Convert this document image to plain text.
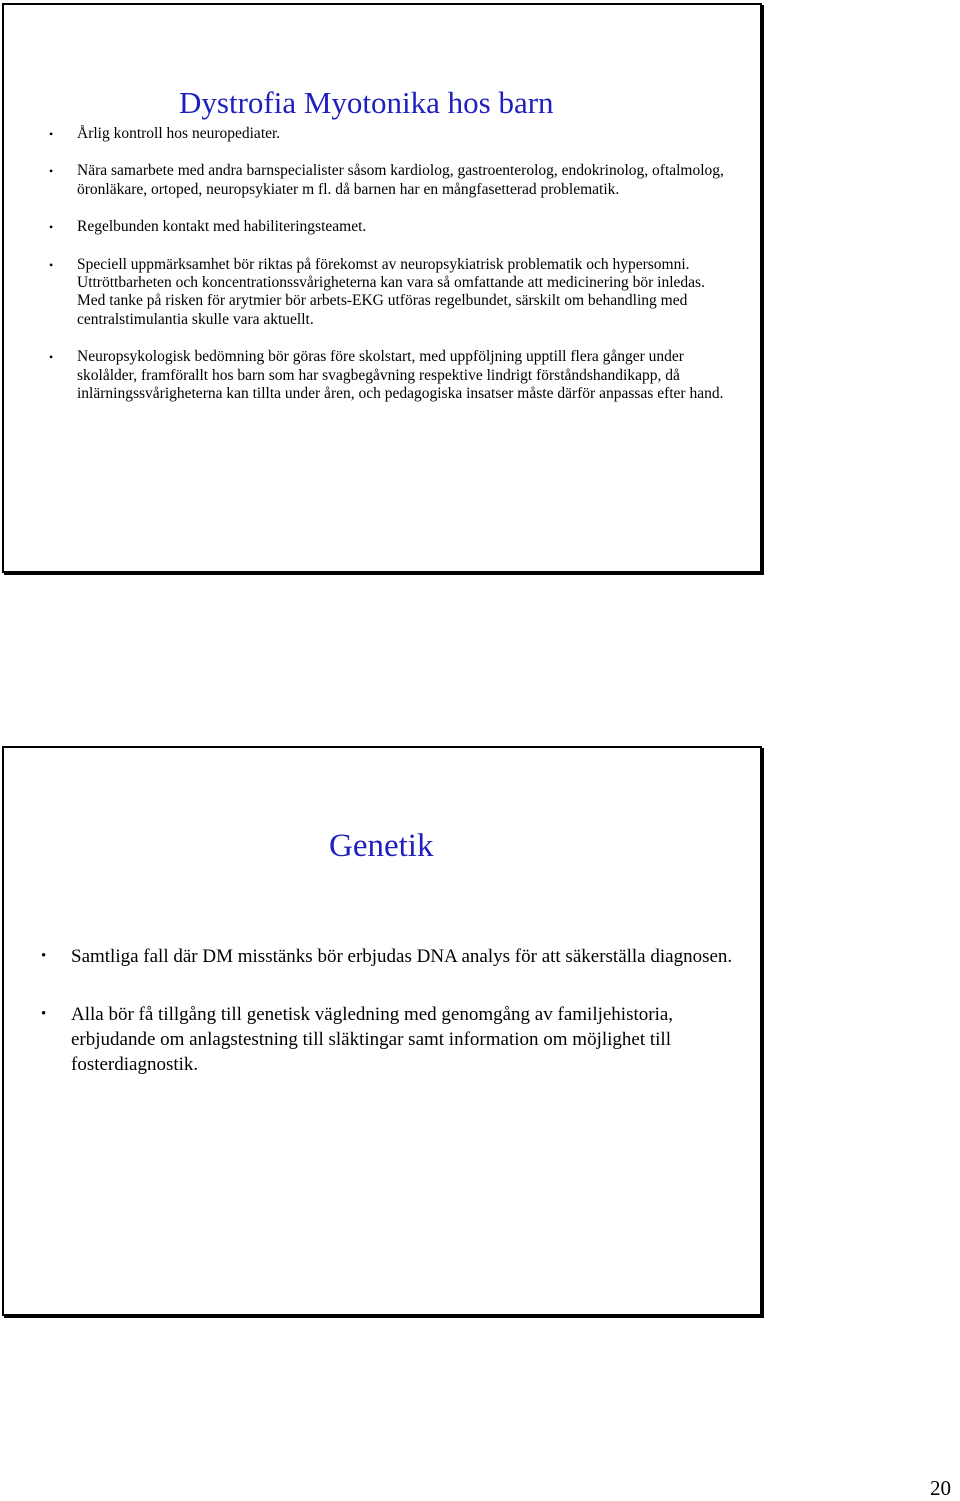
Dystrofia Myotonika hos barn
• Årlig kontroll hos neuropediater.
• Nära samarbete med andra barnspecialister såsom kardiolog, gastroenterolog, endokrinolog, oftalmolog, öronläkare, ortoped, neuropsykiater m fl. då barnen har en mångfasetterad problematik.
• Regelbunden kontakt med habiliteringsteamet.
• Speciell uppmärksamhet bör riktas på förekomst av neuropsykiatrisk problematik och hypersomni. Uttröttbarheten och koncentrationssvårigheterna kan vara så omfattande att medicinering bör inledas. Med tanke på risken för arytmier bör arbets-EKG utföras regelbundet, särskilt om behandling med centralstimulantia skulle vara aktuellt.
• Neuropsykologisk bedömning bör göras före skolstart, med uppföljning upptill flera gånger under skolålder, framförallt hos barn som har svagbegåvning respektive lindrigt förståndshandikapp, då inlärningssvårigheterna kan tillta under åren, och pedagogiska insatser måste därför anpassas efter hand.
Genetik
• Samtliga fall där DM misstänks bör erbjudas DNA analys för att säkerställa diagnosen.
• Alla bör få tillgång till genetisk vägledning med genomgång av familjehistoria, erbjudande om anlagstestning till släktingar samt information om möjlighet till fosterdiagnostik.
20
